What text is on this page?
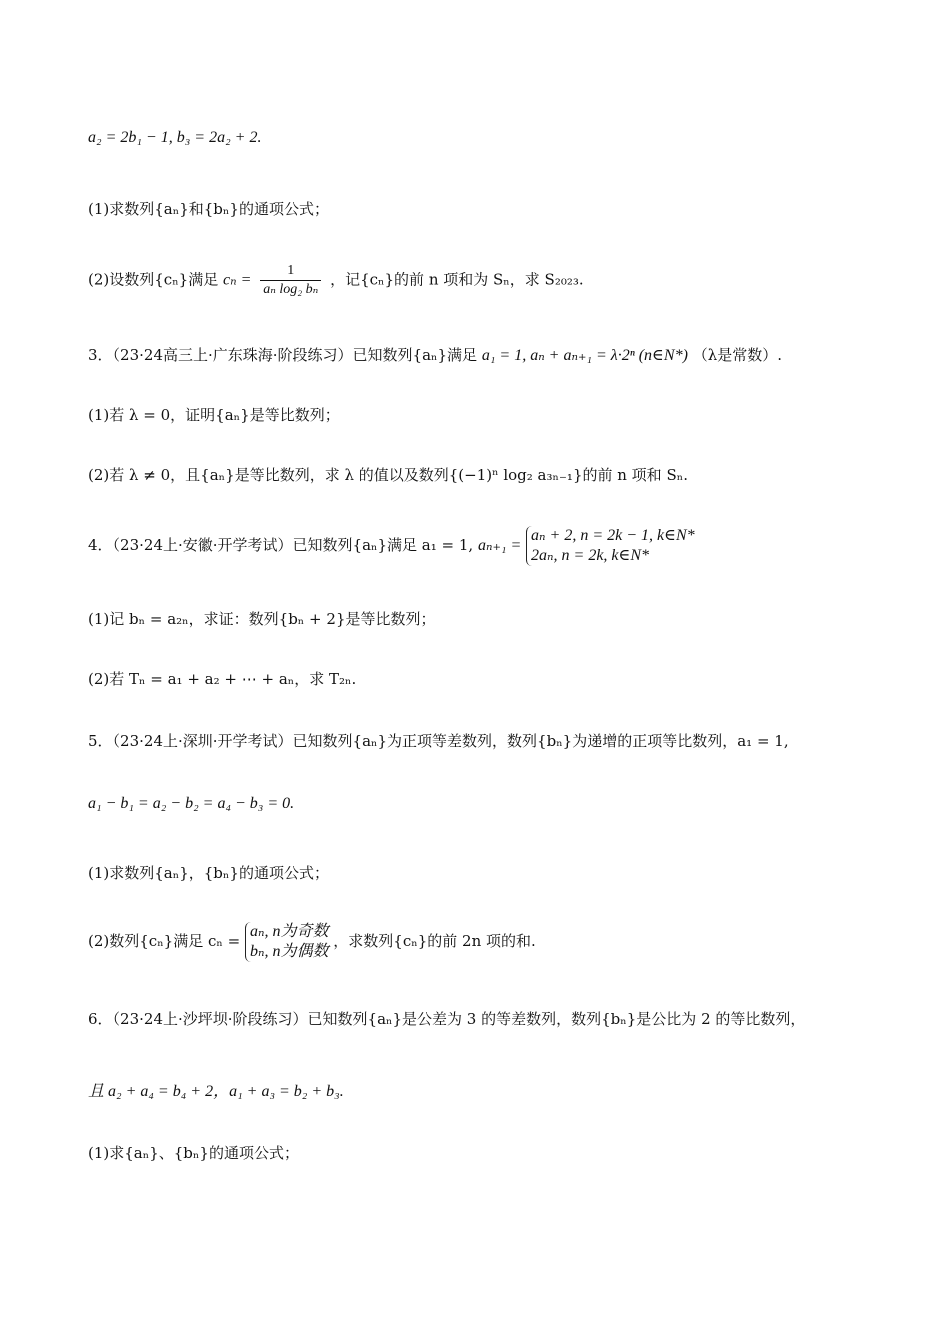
a₂ = 2b₁ − 1, b₃ = 2a₂ + 2.
(1)求数列{aₙ}和{bₙ}的通项公式；
(2)设数列{cₙ}满足 $c_n = \frac{1}{\text{aₙ log₂ bₙ}}$ ，记{cₙ}的前 n 项和为 Sₙ，求 S₂₀₂₃.
3．（23·24高三上·广东珠海·阶段练习）已知数列{aₙ}满足 a₁ = 1, aₙ + aₙ₊₁ = λ·2ⁿ (n∈N*) （λ是常数）.
(1)若 λ = 0，证明{aₙ}是等比数列；
(2)若 λ ≠ 0，且{aₙ}是等比数列，求 λ 的值以及数列{(−1)ⁿ log₂ a₃ₙ₋₁}的前 n 项和 Sₙ.
4．（23·24上·安徽·开学考试）已知数列{aₙ}满足 a₁ = 1, aₙ₊₁ =
aₙ + 2, n = 2k − 1, k∈N*
2aₙ, n = 2k, k∈N*
(1)记 bₙ = a₂ₙ，求证：数列{bₙ + 2}是等比数列；
(2)若 Tₙ = a₁ + a₂ + ⋯ + aₙ，求 T₂ₙ.
5．（23·24上·深圳·开学考试）已知数列{aₙ}为正项等差数列，数列{bₙ}为递增的正项等比数列，a₁ = 1,
a₁ − b₁ = a₂ − b₂ = a₄ − b₃ = 0.
(1)求数列{aₙ}，{bₙ}的通项公式；
(2)数列{cₙ}满足 cₙ =
aₙ, n为奇数
bₙ, n为偶数
，求数列{cₙ}的前 2n 项的和.
6．（23·24上·沙坪坝·阶段练习）已知数列{aₙ}是公差为 3 的等差数列，数列{bₙ}是公比为 2 的等比数列，
且 a₂ + a₄ = b₄ + 2，a₁ + a₃ = b₂ + b₃.
(1)求{aₙ}、{bₙ}的通项公式；
